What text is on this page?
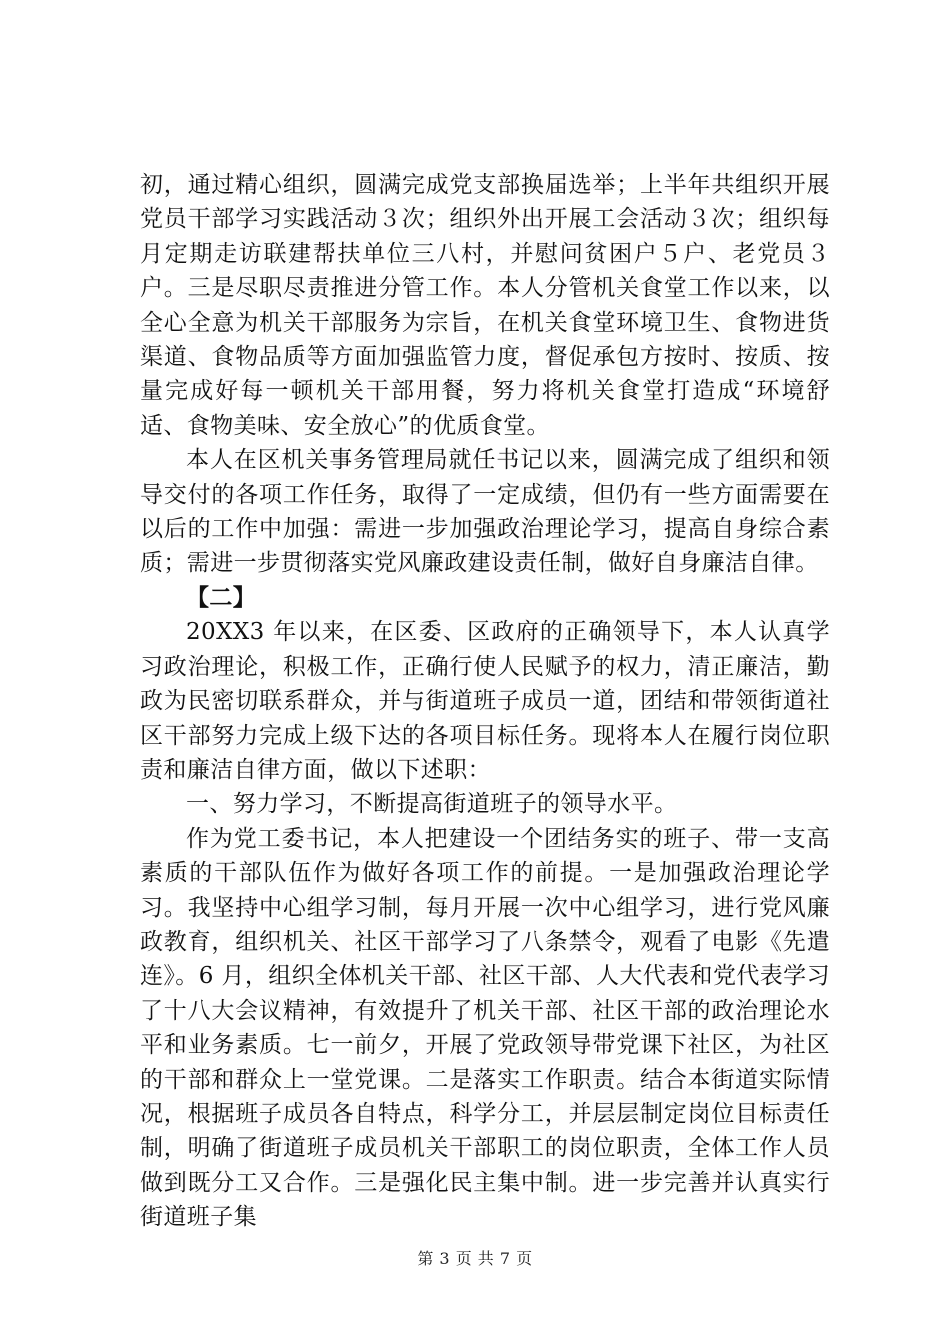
初，通过精心组织，圆满完成党支部换届选举；上半年共组织开展党员干部学习实践活动３次；组织外出开展工会活动３次；组织每月定期走访联建帮扶单位三八村，并慰问贫困户５户、老党员３户。三是尽职尽责推进分管工作。本人分管机关食堂工作以来，以全心全意为机关干部服务为宗旨，在机关食堂环境卫生、食物进货渠道、食物品质等方面加强监管力度，督促承包方按时、按质、按量完成好每一顿机关干部用餐，努力将机关食堂打造成“环境舒适、食物美味、安全放心”的优质食堂。

本人在区机关事务管理局就任书记以来，圆满完成了组织和领导交付的各项工作任务，取得了一定成绩，但仍有一些方面需要在以后的工作中加强：需进一步加强政治理论学习，提高自身综合素质；需进一步贯彻落实党风廉政建设责任制，做好自身廉洁自律。

【二】

20XX3 年以来，在区委、区政府的正确领导下，本人认真学习政治理论，积极工作，正确行使人民赋予的权力，清正廉洁，勤政为民密切联系群众，并与街道班子成员一道，团结和带领街道社区干部努力完成上级下达的各项目标任务。现将本人在履行岗位职责和廉洁自律方面，做以下述职：

一、努力学习，不断提高街道班子的领导水平。

作为党工委书记，本人把建设一个团结务实的班子、带一支高素质的干部队伍作为做好各项工作的前提。一是加强政治理论学习。我坚持中心组学习制，每月开展一次中心组学习，进行党风廉政教育，组织机关、社区干部学习了八条禁令，观看了电影《先遣连》。6 月，组织全体机关干部、社区干部、人大代表和党代表学习了十八大会议精神，有效提升了机关干部、社区干部的政治理论水平和业务素质。七一前夕，开展了党政领导带党课下社区，为社区的干部和群众上一堂党课。二是落实工作职责。结合本街道实际情况，根据班子成员各自特点，科学分工，并层层制定岗位目标责任制，明确了街道班子成员机关干部职工的岗位职责，全体工作人员做到既分工又合作。三是强化民主集中制。进一步完善并认真实行街道班子集

第 3 页 共 7 页
